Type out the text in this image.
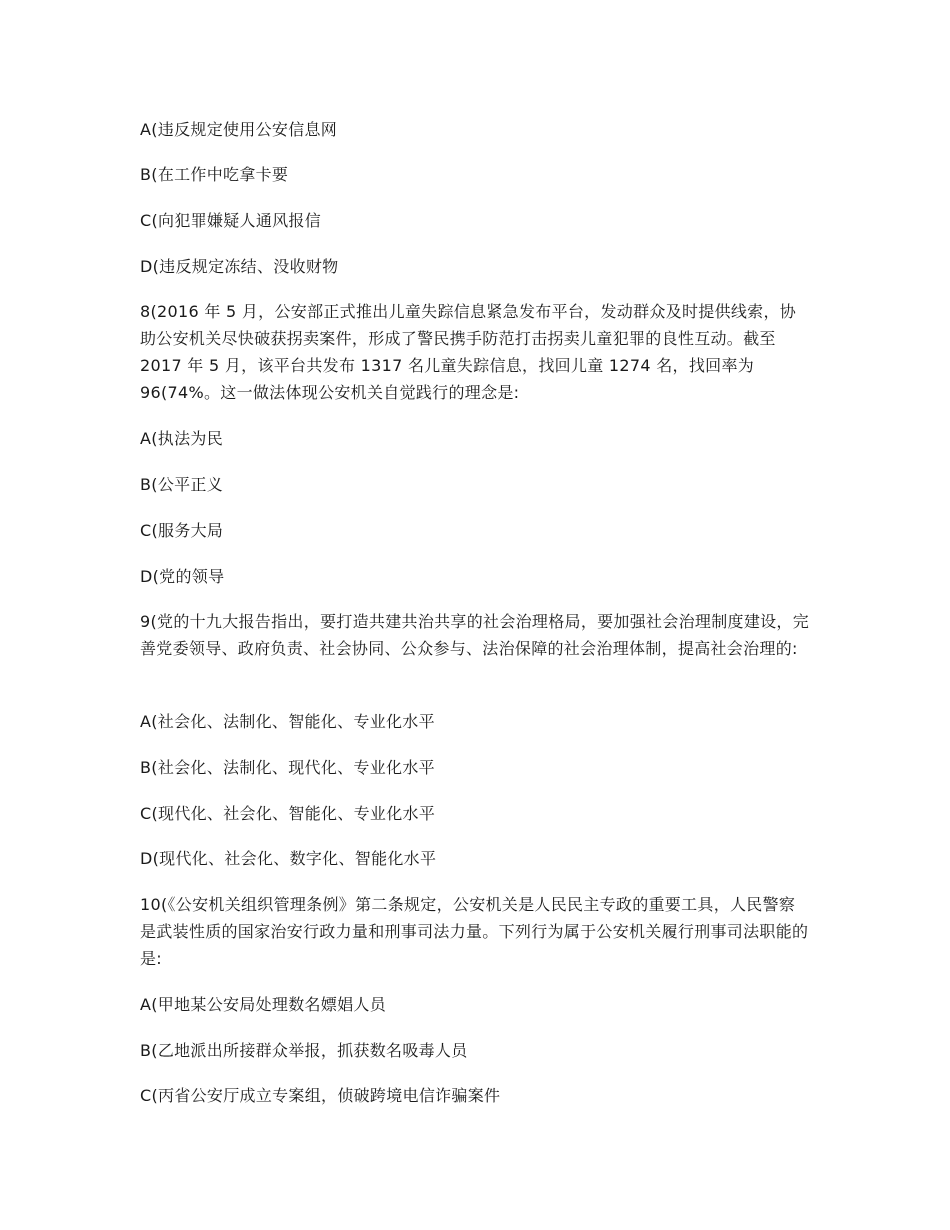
A(违反规定使用公安信息网

B(在工作中吃拿卡要

C(向犯罪嫌疑人通风报信

D(违反规定冻结、没收财物

8(2016 年 5 月，公安部正式推出儿童失踪信息紧急发布平台，发动群众及时提供线索，协助公安机关尽快破获拐卖案件，形成了警民携手防范打击拐卖儿童犯罪的良性互动。截至 2017 年 5 月，该平台共发布 1317 名儿童失踪信息，找回儿童 1274 名，找回率为 96(74%。这一做法体现公安机关自觉践行的理念是:

A(执法为民

B(公平正义

C(服务大局

D(党的领导

9(党的十九大报告指出，要打造共建共治共享的社会治理格局，要加强社会治理制度建设，完善党委领导、政府负责、社会协同、公众参与、法治保障的社会治理体制，提高社会治理的:

A(社会化、法制化、智能化、专业化水平

B(社会化、法制化、现代化、专业化水平

C(现代化、社会化、智能化、专业化水平

D(现代化、社会化、数字化、智能化水平

10(《公安机关组织管理条例》第二条规定，公安机关是人民民主专政的重要工具，人民警察是武装性质的国家治安行政力量和刑事司法力量。下列行为属于公安机关履行刑事司法职能的是:

A(甲地某公安局处理数名嫖娼人员

B(乙地派出所接群众举报，抓获数名吸毒人员

C(丙省公安厅成立专案组，侦破跨境电信诈骗案件
